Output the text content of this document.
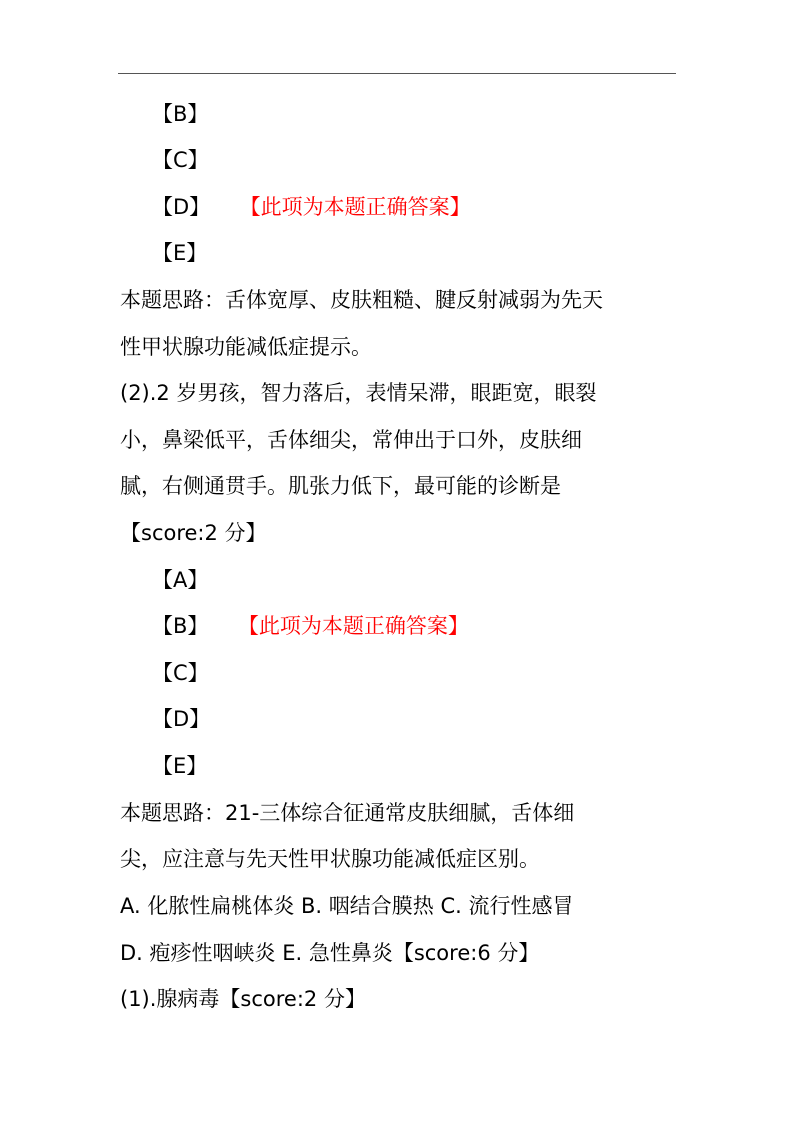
【B】
【C】
【D】 【此项为本题正确答案】
【E】
本题思路：舌体宽厚、皮肤粗糙、腱反射减弱为先天
性甲状腺功能减低症提示。
(2).2 岁男孩，智力落后，表情呆滞，眼距宽，眼裂
小，鼻梁低平，舌体细尖，常伸出于口外，皮肤细
腻，右侧通贯手。肌张力低下，最可能的诊断是
【score:2 分】
【A】
【B】 【此项为本题正确答案】
【C】
【D】
【E】
本题思路：21-三体综合征通常皮肤细腻，舌体细
尖，应注意与先天性甲状腺功能减低症区别。
A. 化脓性扁桃体炎 B. 咽结合膜热 C. 流行性感冒
D. 疱疹性咽峡炎 E. 急性鼻炎【score:6 分】
(1).腺病毒【score:2 分】
